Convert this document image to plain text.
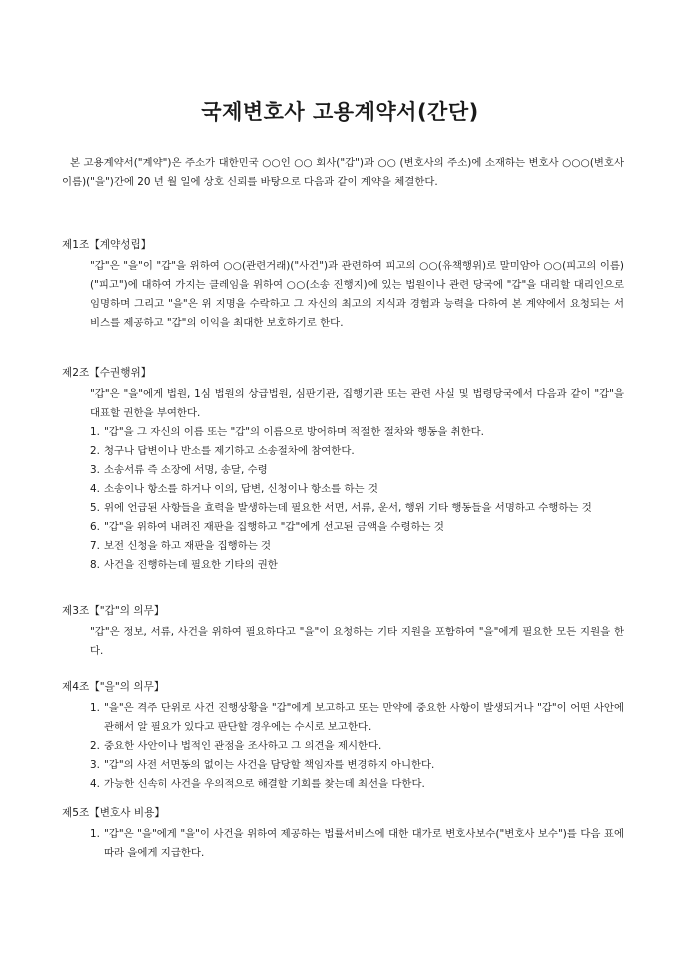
국제변호사 고용계약서(간단)

본 고용계약서("계약")은 주소가 대한민국 ○○인 ○○ 회사("갑")과 ○○ (변호사의 주소)에 소재하는 변호사 ○○○(변호사 이름)("을")간에 20 년 월 일에 상호 신뢰를 바탕으로 다음과 같이 계약을 체결한다.

제1조【계약성립】

"갑"은 "을"이 "갑"을 위하여 ○○(관련거래)("사건")과 관련하여 피고의 ○○(유책행위)로 말미암아 ○○(피고의 이름)("피고")에 대하여 가지는 클레임을 위하여 ○○(소송 진행지)에 있는 법원이나 관련 당국에 "갑"을 대리할 대리인으로 임명하며 그리고 "을"은 위 지명을 수락하고 그 자신의 최고의 지식과 경험과 능력을 다하여 본 계약에서 요청되는 서비스를 제공하고 "갑"의 이익을 최대한 보호하기로 한다.

제2조【수권행위】

"갑"은 "을"에게 법원, 1심 법원의 상급법원, 심판기관, 집행기관 또는 관련 사실 및 법령당국에서 다음과 같이 "갑"을 대표할 권한을 부여한다.

1. "갑"을 그 자신의 이름 또는 "갑"의 이름으로 방어하며 적절한 절차와 행동을 취한다.
2. 청구나 답변이나 반소를 제기하고 소송절차에 참여한다.
3. 소송서류 즉 소장에 서명, 송달, 수령
4. 소송이나 항소를 하거나 이의, 답변, 신청이나 항소를 하는 것
5. 위에 언급된 사항들을 효력을 발생하는데 필요한 서면, 서류, 운서, 행위 기타 행동들을 서명하고 수행하는 것
6. "갑"을 위하여 내려진 재판을 집행하고 "갑"에게 선고된 금액을 수령하는 것
7. 보전 신청을 하고 재판을 집행하는 것
8. 사건을 진행하는데 필요한 기타의 권한

제3조【"갑"의 의무】

"갑"은 정보, 서류, 사건을 위하여 필요하다고 "을"이 요청하는 기타 지원을 포함하여 "을"에게 필요한 모든 지원을 한다.

제4조【"을"의 의무】

1. "을"은 격주 단위로 사건 진행상황을 "갑"에게 보고하고 또는 만약에 중요한 사항이 발생되거나 "갑"이 어떤 사안에 관해서 알 필요가 있다고 판단할 경우에는 수시로 보고한다.
2. 중요한 사안이나 법적인 관점을 조사하고 그 의견을 제시한다.
3. "갑"의 사전 서면동의 없이는 사건을 담당할 책임자를 변경하지 아니한다.
4. 가능한 신속히 사건을 우의적으로 해결할 기회를 찾는데 최선을 다한다.

제5조【변호사 비용】

1. "갑"은 "을"에게 "을"이 사건을 위하여 제공하는 법률서비스에 대한 대가로 변호사보수("변호사 보수")를 다음 표에 따라 을에게 지급한다.
